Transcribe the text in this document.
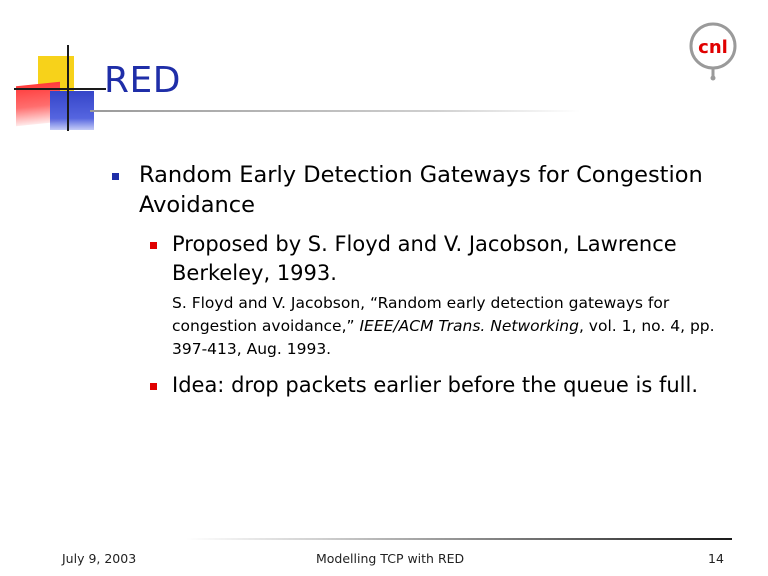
RED
cnl
Random Early Detection Gateways for Congestion Avoidance
Proposed by S. Floyd and V. Jacobson, Lawrence Berkeley, 1993.
S. Floyd and V. Jacobson, “Random early detection gateways for congestion avoidance,” IEEE/ACM Trans. Networking, vol. 1, no. 4, pp. 397-413, Aug. 1993.
Idea: drop packets earlier before the queue is full.
July 9, 2003	Modelling TCP with RED	14
